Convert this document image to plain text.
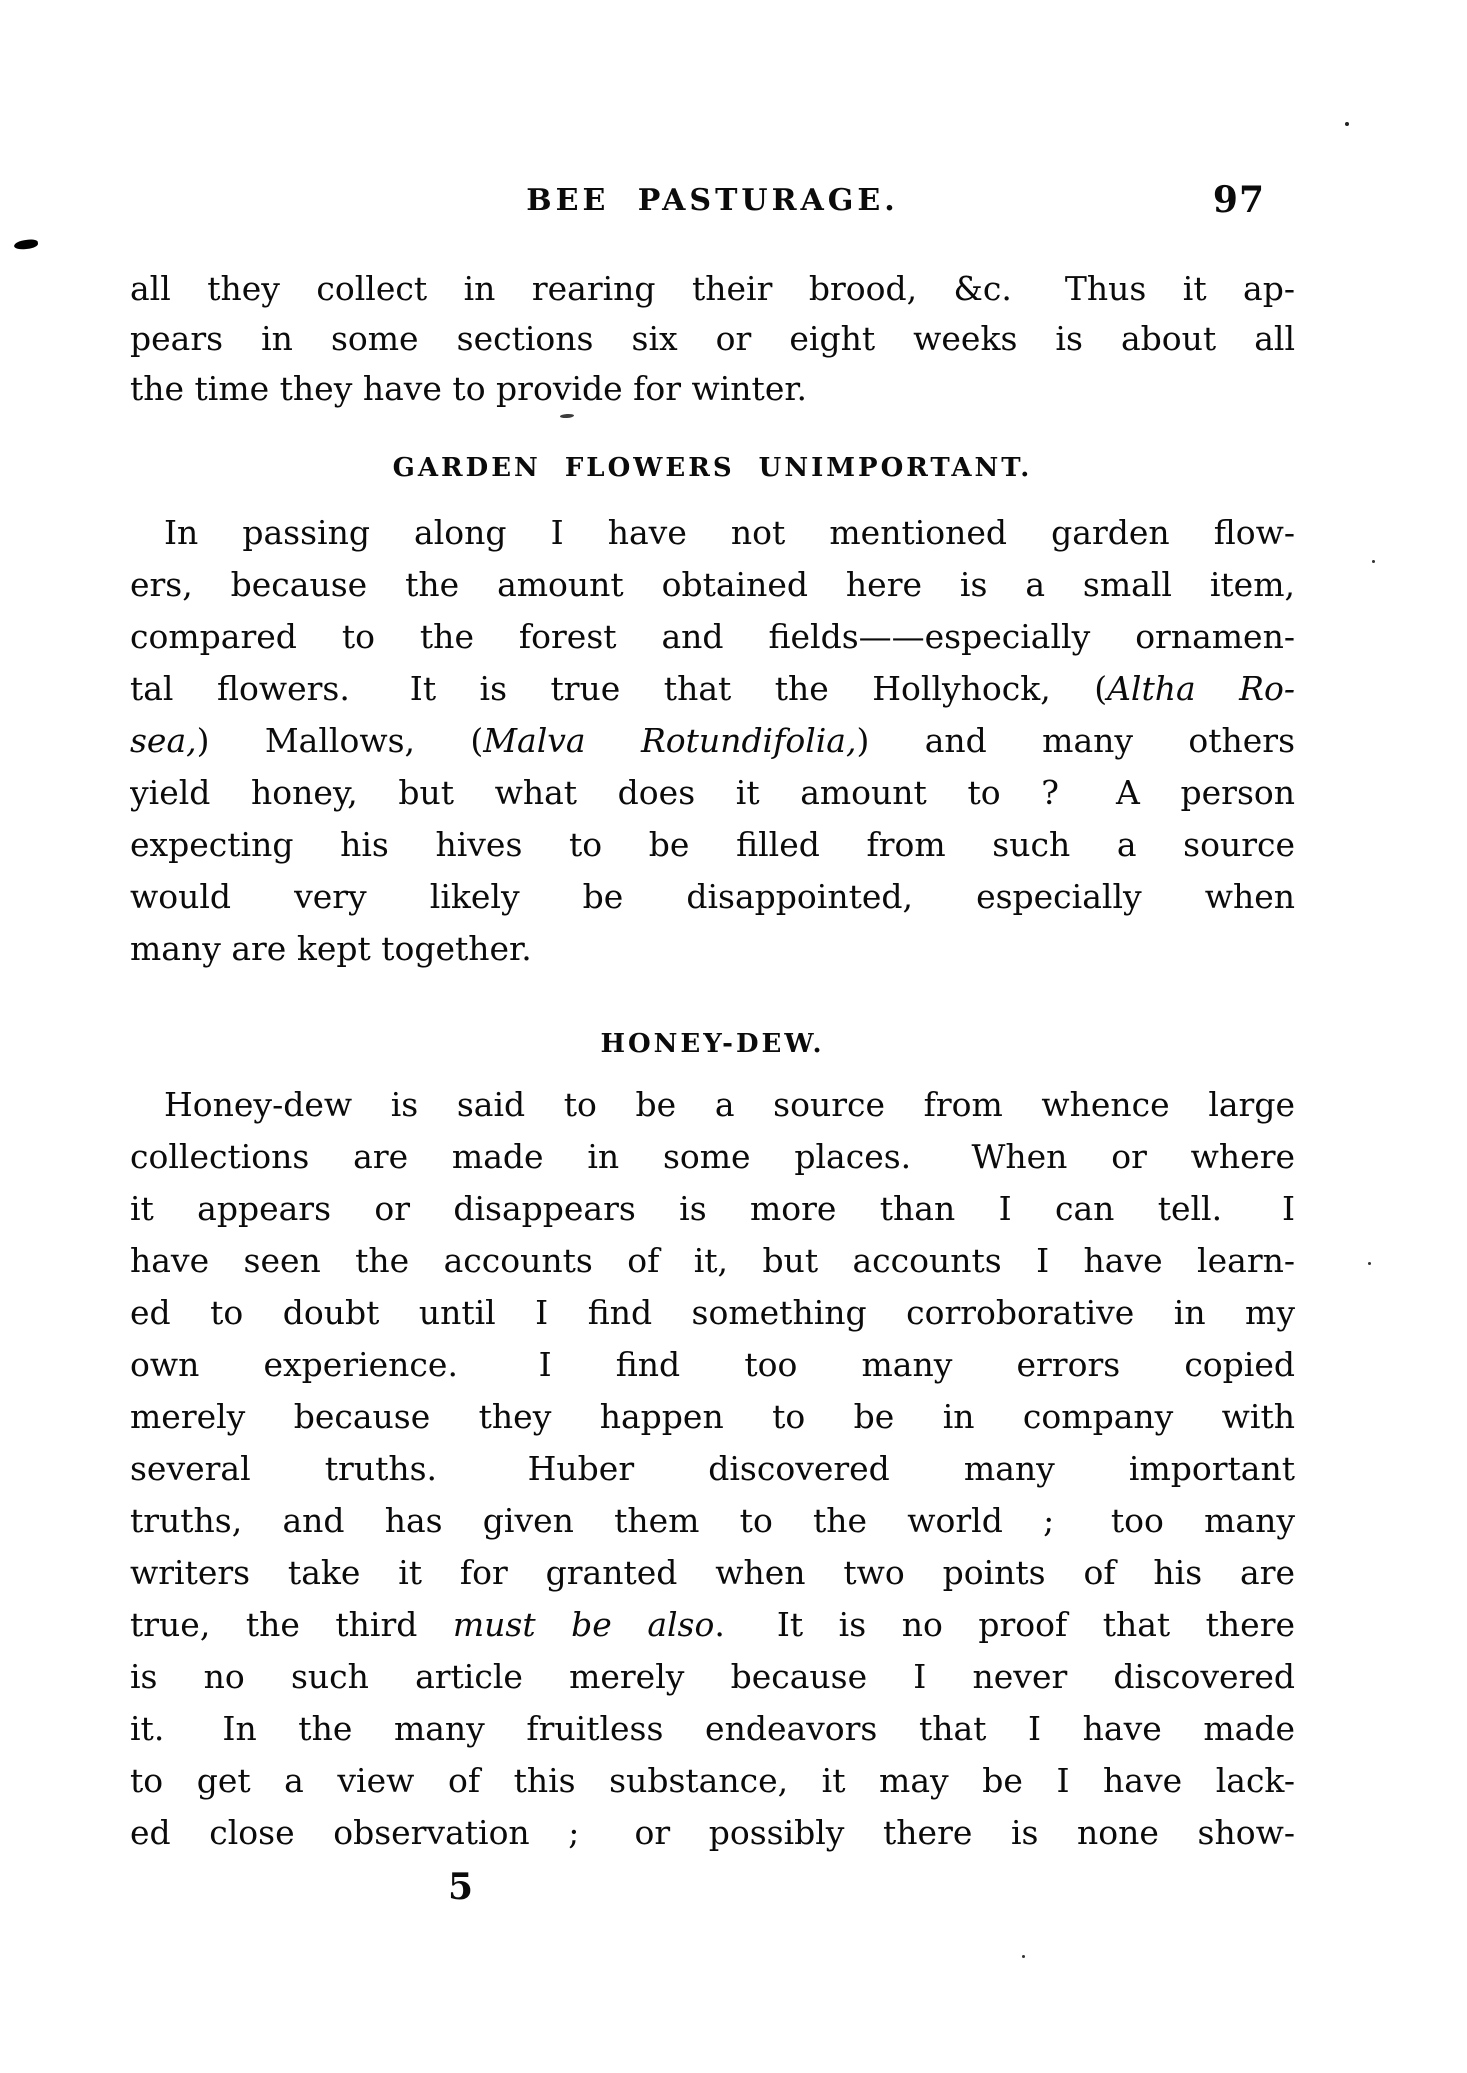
BEE PASTURAGE.	97
all they collect in rearing their brood, &c.  Thus it ap-
pears in some sections six or eight weeks is about all
the time they have to provide for winter.
GARDEN FLOWERS UNIMPORTANT.
In passing along I have not mentioned garden flow-
ers, because the amount obtained here is a small item,
compared to the forest and fields——especially ornamen-
tal flowers.  It is true that the Hollyhock, (Altha Ro-
sea,) Mallows, (Malva Rotundifolia,) and many others
yield honey, but what does it amount to ?  A person
expecting his hives to be filled from such a source
would very likely be disappointed, especially when
many are kept together.
HONEY-DEW.
Honey-dew is said to be a source from whence large
collections are made in some places.  When or where
it appears or disappears is more than I can tell.  I
have seen the accounts of it, but accounts I have learn-
ed to doubt until I find something corroborative in my
own experience.  I find too many errors copied
merely because they happen to be in company with
several truths.  Huber discovered many important
truths, and has given them to the world ;  too many
writers take it for granted when two points of his are
true, the third must be also.  It is no proof that there
is no such article merely because I never discovered
it.  In the many fruitless endeavors that I have made
to get a view of this substance, it may be I have lack-
ed close observation ;  or possibly there is none show-
5
